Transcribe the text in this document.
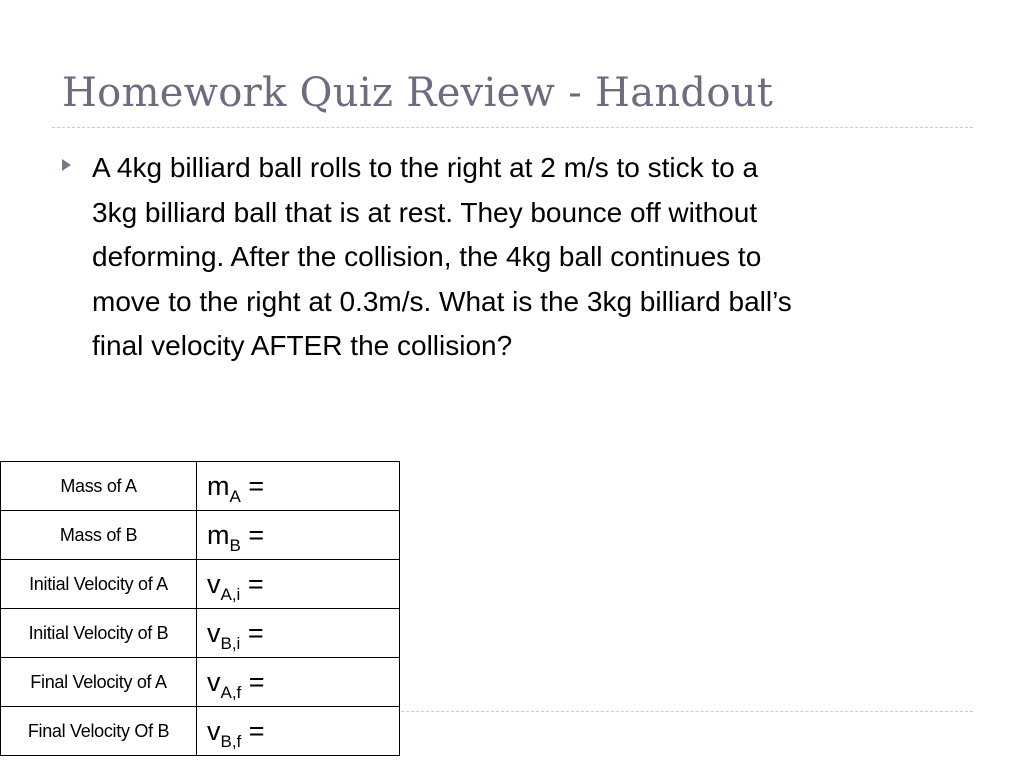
Homework Quiz Review - Handout
A 4kg billiard ball rolls to the right at 2 m/s to stick to a
3kg billiard ball that is at rest. They bounce off without
deforming. After the collision, the 4kg ball continues to
move to the right at 0.3m/s. What is the 3kg billiard ball’s
final velocity AFTER the collision?
Mass of A	$m_A$ =
Mass of B	$m_B$ =
Initial Velocity of A	$v_{A,i}$ =
Initial Velocity of B	$v_{B,i}$ =
Final Velocity of A	$v_{A,f}$ =
Final Velocity Of B	$v_{B,f}$ =
